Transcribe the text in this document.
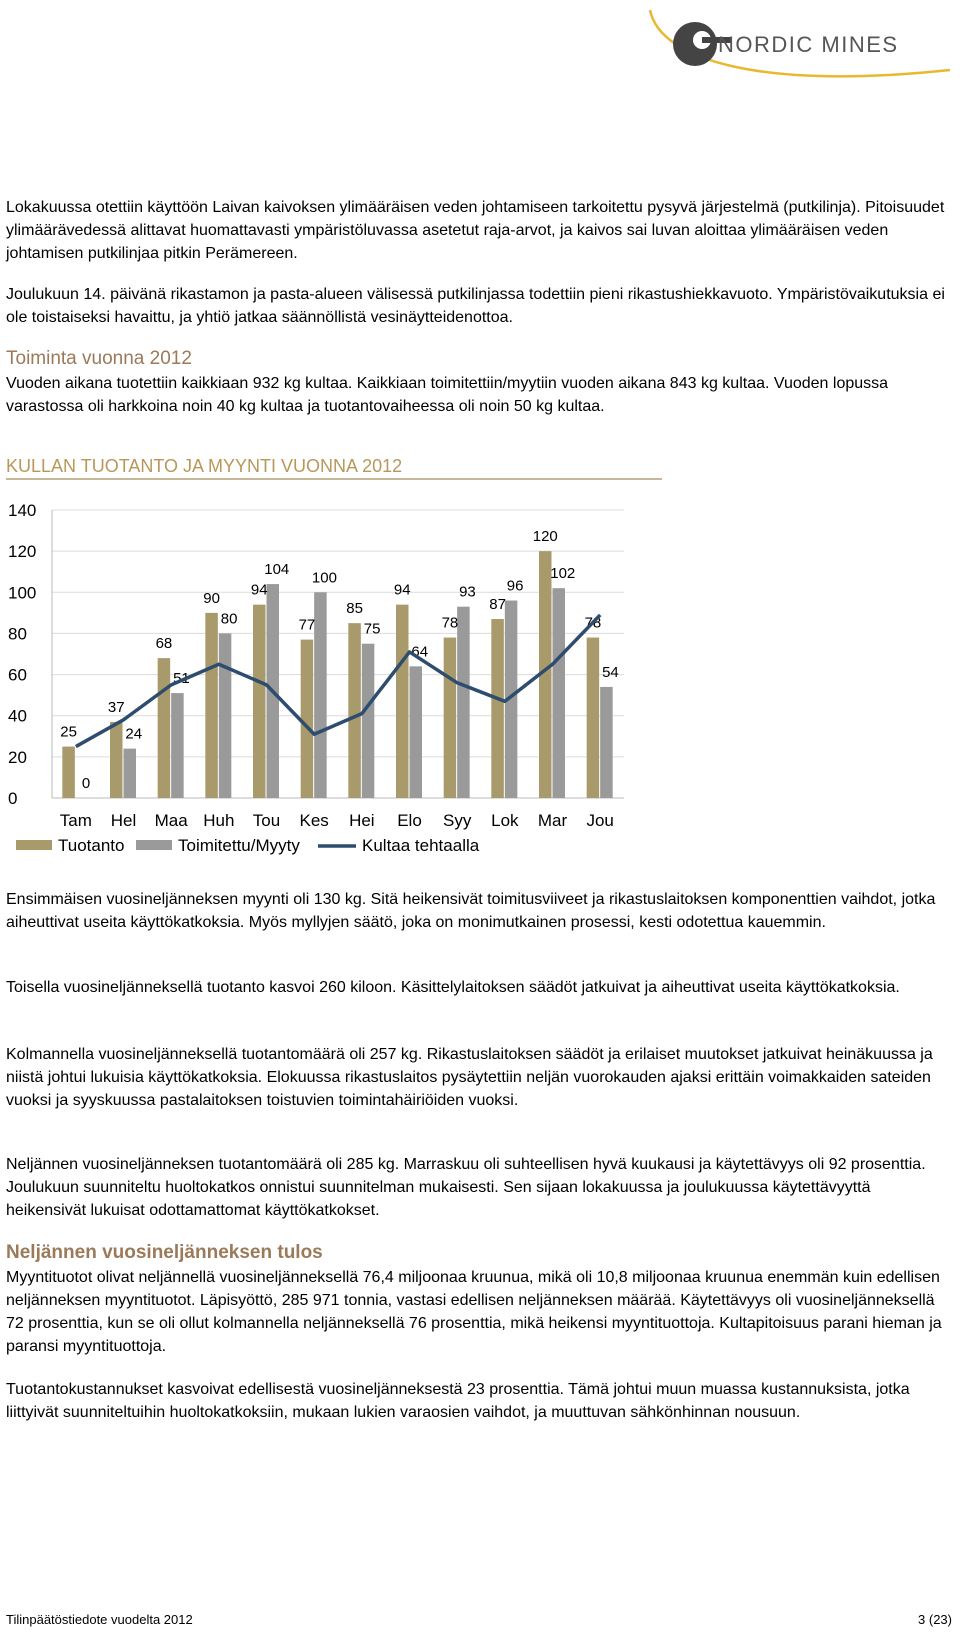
NORDIC MINES

Lokakuussa otettiin käyttöön Laivan kaivoksen ylimääräisen veden johtamiseen tarkoitettu pysyvä järjestelmä (putkilinja). Pitoisuudet ylimäärävedessä alittavat huomattavasti ympäristöluvassa asetetut raja-arvot, ja kaivos sai luvan aloittaa ylimääräisen veden johtamisen putkilinjaa pitkin Perämereen.

Joulukuun 14. päivänä rikastamon ja pasta-alueen välisessä putkilinjassa todettiin pieni rikastushiekkavuoto. Ympäristövaikutuksia ei ole toistaiseksi havaittu, ja yhtiö jatkaa säännöllistä vesinäytteidenottoa.

Toiminta vuonna 2012

Vuoden aikana tuotettiin kaikkiaan 932 kg kultaa. Kaikkiaan toimitettiin/myytiin vuoden aikana 843 kg kultaa. Vuoden lopussa varastossa oli harkkoina noin 40 kg kultaa ja tuotantovaiheessa oli noin 50 kg kultaa.

KULLAN TUOTANTO JA MYYNTI VUONNA 2012
0
20
40
60
80
100
120
140
Tam Hel Maa Huh Tou Kes Hei Elo Syy Lok Mar Jou
25
0
37
24
68
51
90
80
94
104
77
100
85
75
94
64
78
93
87
96
120
102
78
54
Tuotanto	Toimitettu/Myyty	Kultaa tehtaalla

Ensimmäisen vuosineljänneksen myynti oli 130 kg. Sitä heikensivät toimitusviiveet ja rikastuslaitoksen komponenttien vaihdot, jotka aiheuttivat useita käyttökatkoksia. Myös myllyjen säätö, joka on monimutkainen prosessi, kesti odotettua kauemmin.

Toisella vuosineljänneksellä tuotanto kasvoi 260 kiloon. Käsittelylaitoksen säädöt jatkuivat ja aiheuttivat useita käyttökatkoksia.

Kolmannella vuosineljänneksellä tuotantomäärä oli 257 kg. Rikastuslaitoksen säädöt ja erilaiset muutokset jatkuivat heinäkuussa ja niistä johtui lukuisia käyttökatkoksia. Elokuussa rikastuslaitos pysäytettiin neljän vuorokauden ajaksi erittäin voimakkaiden sateiden vuoksi ja syyskuussa pastalaitoksen toistuvien toimintahäiriöiden vuoksi.

Neljännen vuosineljänneksen tuotantomäärä oli 285 kg. Marraskuu oli suhteellisen hyvä kuukausi ja käytettävyys oli 92 prosenttia. Joulukuun suunniteltu huoltokatkos onnistui suunnitelman mukaisesti. Sen sijaan lokakuussa ja joulukuussa käytettävyyttä heikensivät lukuisat odottamattomat käyttökatkokset.

Neljännen vuosineljänneksen tulos

Myyntituotot olivat neljännellä vuosineljänneksellä 76,4 miljoonaa kruunua, mikä oli 10,8 miljoonaa kruunua enemmän kuin edellisen neljänneksen myyntituotot. Läpisyöttö, 285 971 tonnia, vastasi edellisen neljänneksen määrää. Käytettävyys oli vuosineljänneksellä 72 prosenttia, kun se oli ollut kolmannella neljänneksellä 76 prosenttia, mikä heikensi myyntituottoja. Kultapitoisuus parani hieman ja paransi myyntituottoja.

Tuotantokustannukset kasvoivat edellisestä vuosineljänneksestä 23 prosenttia. Tämä johtui muun muassa kustannuksista, jotka liittyivät suunniteltuihin huoltokatkoksiin, mukaan lukien varaosien vaihdot, ja muuttuvan sähkönhinnan nousuun.

Tilinpäätöstiedote vuodelta 2012	3 (23)
